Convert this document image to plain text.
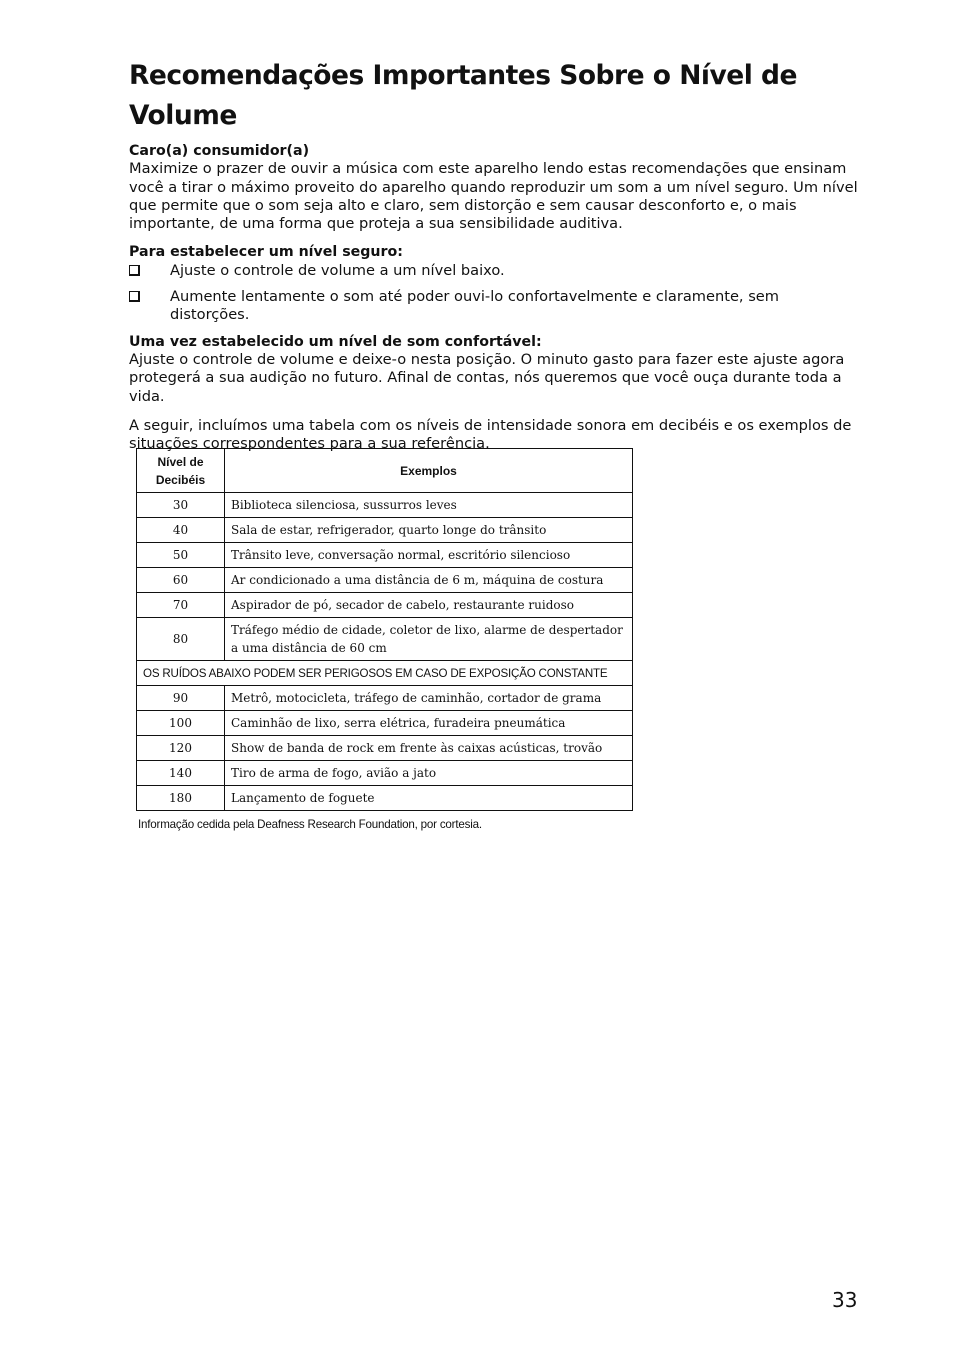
Recomendações Importantes Sobre o Nível de Volume
Caro(a) consumidor(a)

Maximize o prazer de ouvir a música com este aparelho lendo estas recomendações que ensinam você a tirar o máximo proveito do aparelho quando reproduzir um som a um nível seguro. Um nível que permite que o som seja alto e claro, sem distorção e sem causar desconforto e, o mais importante, de uma forma que proteja a sua sensibilidade auditiva.

Para estabelecer um nível seguro:
Ajuste o controle de volume a um nível baixo.
Aumente lentamente o som até poder ouvi-lo confortavelmente e claramente, sem distorções.
Uma vez estabelecido um nível de som confortável:

Ajuste o controle de volume e deixe-o nesta posição. O minuto gasto para fazer este ajuste agora protegerá a sua audição no futuro. Afinal de contas, nós queremos que você ouça durante toda a vida.

A seguir, incluímos uma tabela com os níveis de intensidade sonora em decibéis e os exemplos de situações correspondentes para a sua referência.

Nível de
Decibéis	Exemplos
30	Biblioteca silenciosa, sussurros leves
40	Sala de estar, refrigerador, quarto longe do trânsito
50	Trânsito leve, conversação normal, escritório silencioso
60	Ar condicionado a uma distância de 6 m, máquina de costura
70	Aspirador de pó, secador de cabelo, restaurante ruidoso
80	Tráfego médio de cidade, coletor de lixo, alarme de despertador a uma distância de 60 cm
OS RUÍDOS ABAIXO PODEM SER PERIGOSOS EM CASO DE EXPOSIÇÃO CONSTANTE	
90	Metrô, motocicleta, tráfego de caminhão, cortador de grama
100	Caminhão de lixo, serra elétrica, furadeira pneumática
120	Show de banda de rock em frente às caixas acústicas, trovão
140	Tiro de arma de fogo, avião a jato
180	Lançamento de foguete
Informação cedida pela Deafness Research Foundation, por cortesia.
33
